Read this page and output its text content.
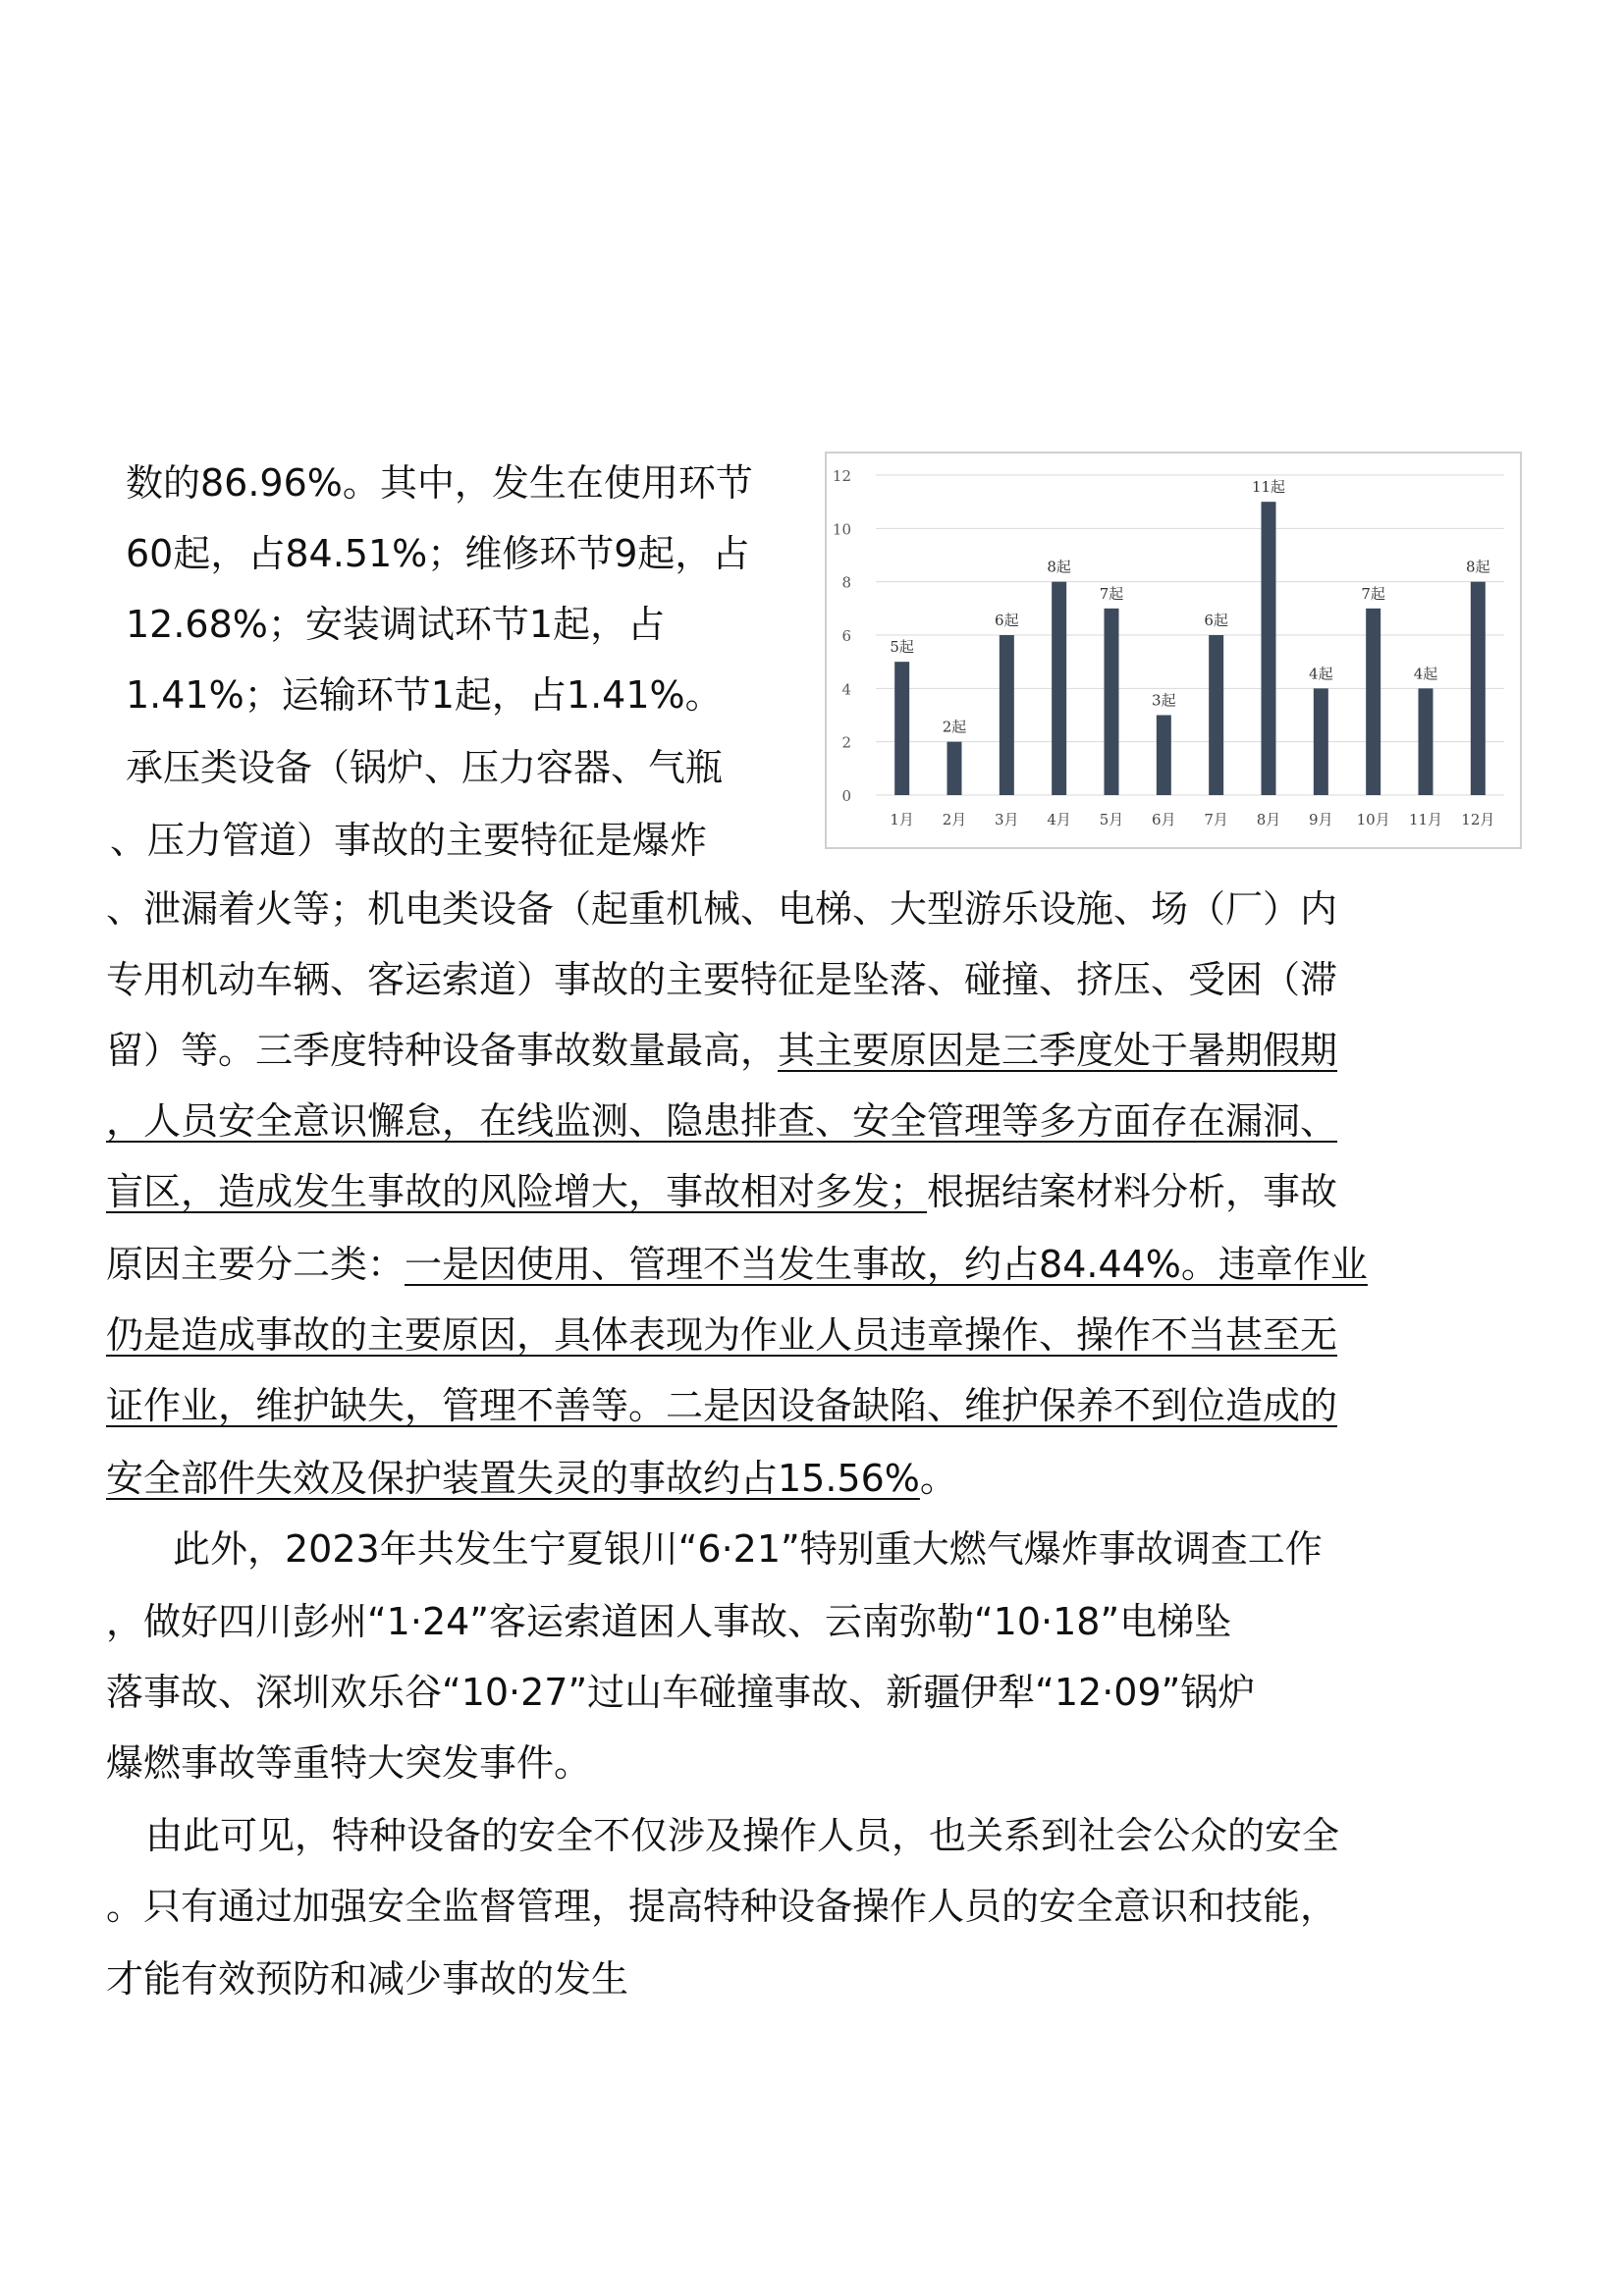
数的86.96%。其中，发生在使用环节
60起，占84.51%；维修环节9起，占
12.68%；安装调试环节1起，占
1.41%；运输环节1起，占1.41%。
承压类设备（锅炉、压力容器、气瓶
、压力管道）事故的主要特征是爆炸
、泄漏着火等；机电类设备（起重机械、电梯、大型游乐设施、场（厂）内
专用机动车辆、客运索道）事故的主要特征是坠落、碰撞、挤压、受困（滞
留）等。三季度特种设备事故数量最高，其主要原因是三季度处于暑期假期
，人员安全意识懈怠，在线监测、隐患排查、安全管理等多方面存在漏洞、
盲区，造成发生事故的风险增大，事故相对多发；根据结案材料分析，事故
原因主要分二类：一是因使用、管理不当发生事故，约占84.44%。违章作业
仍是造成事故的主要原因，具体表现为作业人员违章操作、操作不当甚至无
证作业，维护缺失，管理不善等。二是因设备缺陷、维护保养不到位造成的
安全部件失效及保护装置失灵的事故约占15.56%。
此外，2023年共发生宁夏银川“6·21”特别重大燃气爆炸事故调查工作
，做好四川彭州“1·24”客运索道困人事故、云南弥勒“10·18”电梯坠
落事故、深圳欢乐谷“10·27”过山车碰撞事故、新疆伊犁“12·09”锅炉
爆燃事故等重特大突发事件。
由此可见，特种设备的安全不仅涉及操作人员，也关系到社会公众的安全
。只有通过加强安全监督管理，提高特种设备操作人员的安全意识和技能，
才能有效预防和减少事故的发生
5起
2起
6起
8起
7起
3起
6起
11起
4起
7起
4起
8起
0
2
4
6
8
10
12
1月 2月 3月 4月 5月 6月 7月 8月 9月 10月 11月 12月
